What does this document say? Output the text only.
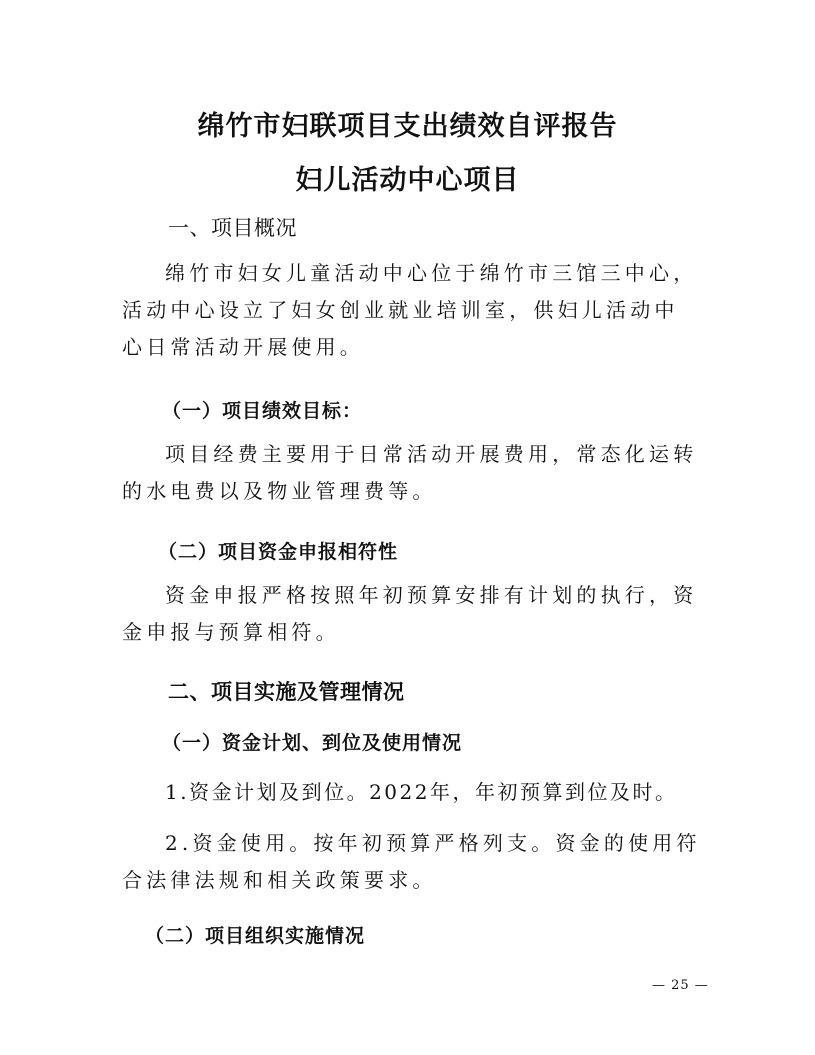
绵竹市妇联项目支出绩效自评报告
妇儿活动中心项目
一、项目概况

绵竹市妇女儿童活动中心位于绵竹市三馆三中心，活动中心设立了妇女创业就业培训室，供妇儿活动中心日常活动开展使用。

（一）项目绩效目标：

项目经费主要用于日常活动开展费用，常态化运转的水电费以及物业管理费等。

（二）项目资金申报相符性

资金申报严格按照年初预算安排有计划的执行，资金申报与预算相符。

二、项目实施及管理情况
（一）资金计划、到位及使用情况

1.资金计划及到位。2022年，年初预算到位及时。

2.资金使用。按年初预算严格列支。资金的使用符合法律法规和相关政策要求。

（二）项目组织实施情况
— 25 —
